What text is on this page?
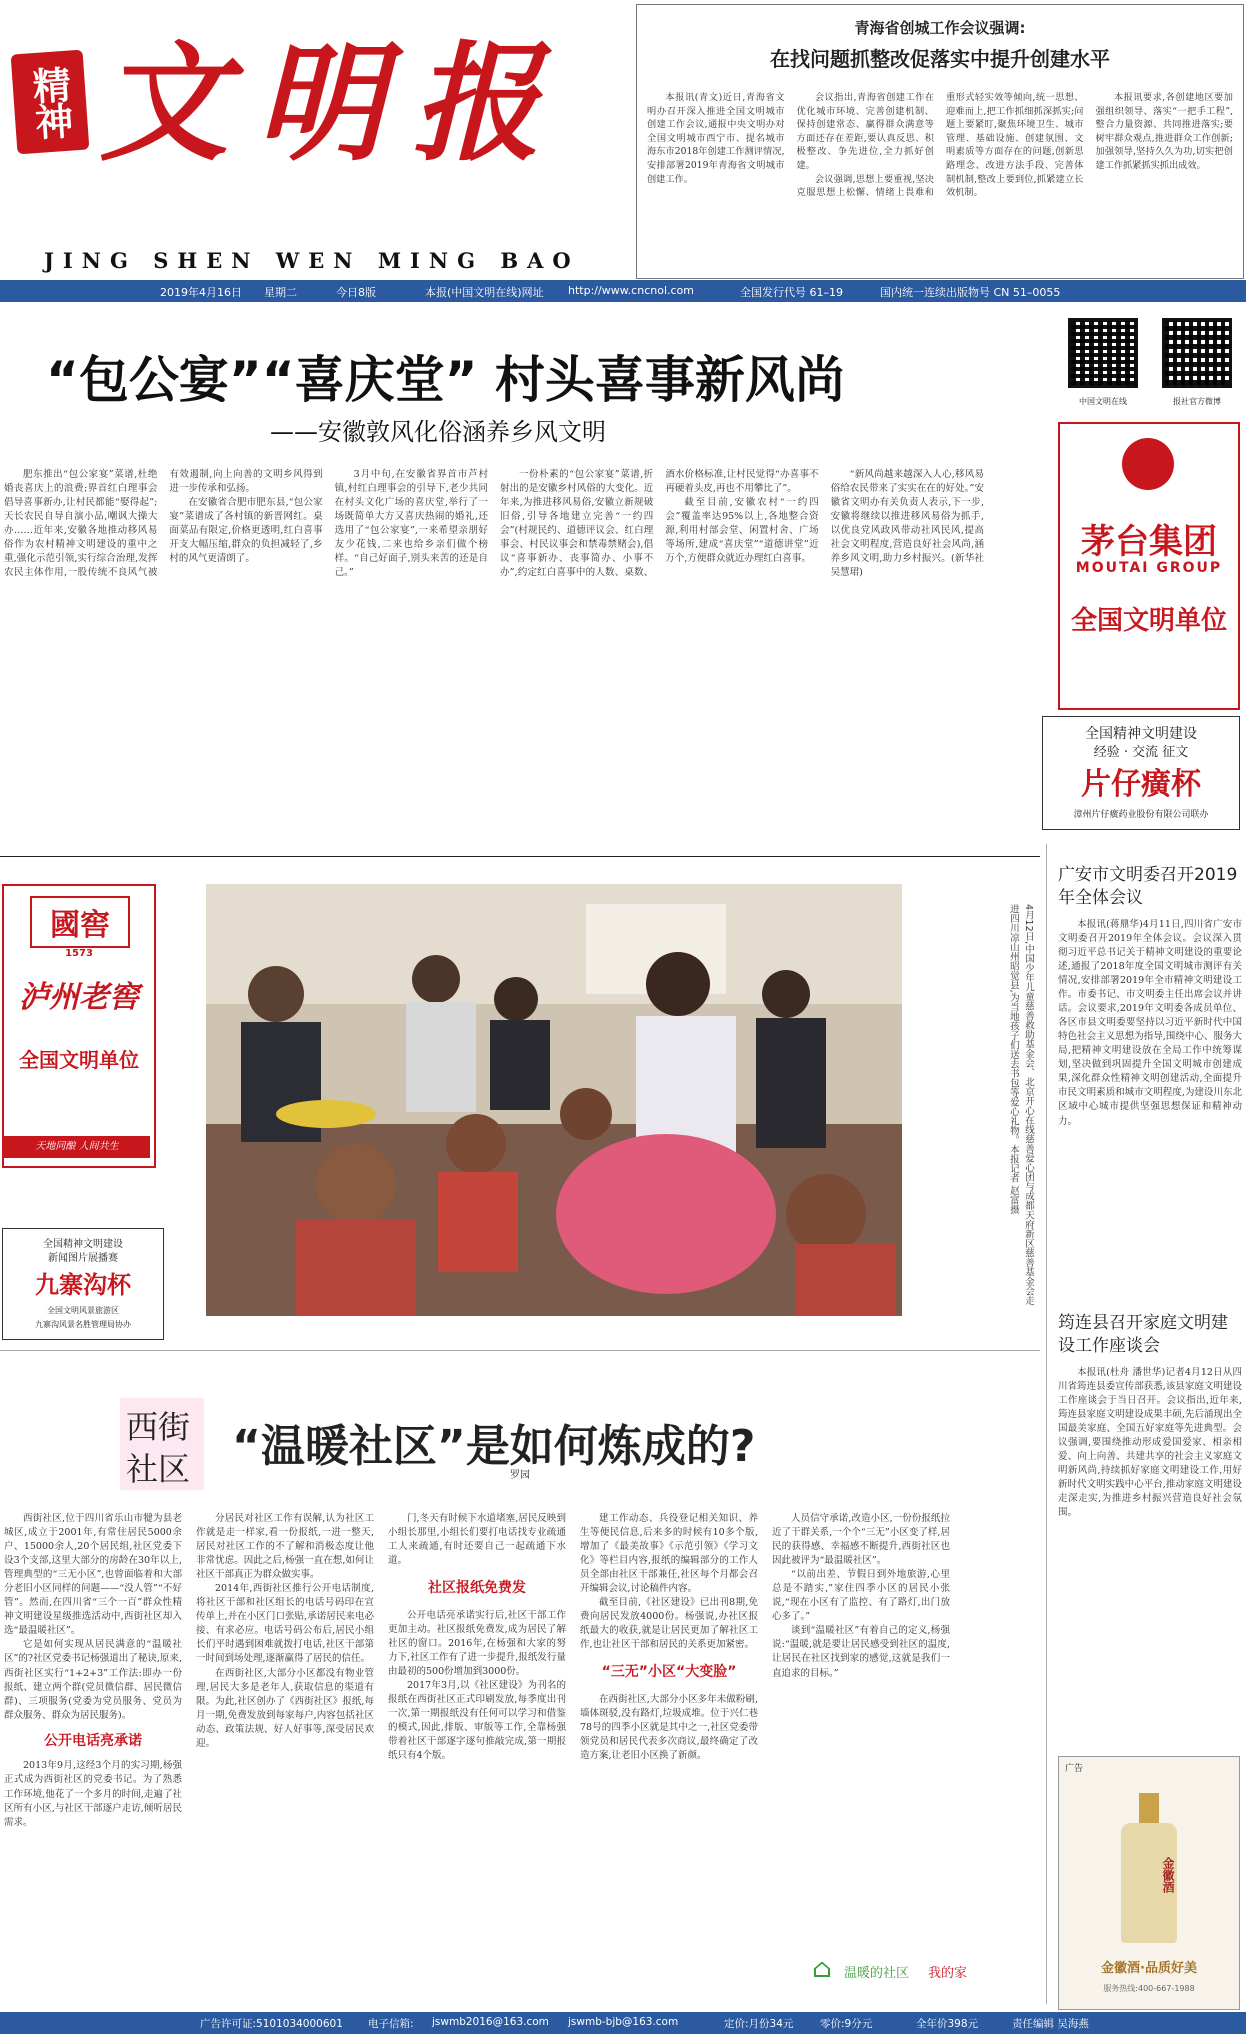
精神 文明报
JING SHEN WEN MING BAO
青海省创城工作会议强调:
在找问题抓整改促落实中提升创建水平

本报讯(青文)近日,青海省文明办召开深入推进全国文明城市创建工作会议,通报中央文明办对全国文明城市西宁市、提名城市海东市2018年创建工作测评情况,安排部署2019年青海省文明城市创建工作。

会议指出,青海省创建工作在优化城市环境、完善创建机制、保持创建常态、赢得群众满意等方面还存在差距,要认真反思、积极整改、争先进位,全力抓好创建。

会议强调,思想上要重视,坚决克服思想上松懈、情绪上畏难和重形式轻实效等倾向,统一思想、迎难而上,把工作抓细抓深抓实;问题上要紧盯,聚焦环境卫生、城市管理、基础设施、创建氛围、文明素质等方面存在的问题,创新思路理念、改进方法手段、完善体制机制,整改上要到位,抓紧建立长效机制。

本报讯要求,各创建地区要加强组织领导、落实“一把手工程”,整合力量资源、共同推进落实;要树牢群众观点,推进群众工作创新;加强领导,坚持久久为功,切实把创建工作抓紧抓实抓出成效。

2019年4月16日 星期二	今日8版	本报(中国文明在线)网址 http://www.cncnol.com	全国发行代号 61–19	国内统一连续出版物号 CN 51–0055
“包公宴”“喜庆堂” 村头喜事新风尚
——安徽敦风化俗涵养乡风文明

肥东推出“包公家宴”菜谱,杜绝婚丧喜庆上的浪费;界首红白理事会倡导喜事新办,让村民都能“娶得起”;天长农民自导自演小品,嘲讽大操大办……近年来,安徽各地推动移风易俗作为农村精神文明建设的重中之重,强化示范引领,实行综合治理,发挥农民主体作用,一股传统不良风气被有效遏制,向上向善的文明乡风得到进一步传承和弘扬。

在安徽省合肥市肥东县,“包公家宴”菜谱成了各村镇的新晋网红。桌面菜品有限定,价格更透明,红白喜事开支大幅压缩,群众的负担减轻了,乡村的风气更清朗了。

3月中旬,在安徽省界首市芦村镇,村红白理事会的引导下,老少共同在村头文化广场的喜庆堂,举行了一场既简单大方又喜庆热闹的婚礼,还选用了“包公家宴”,一来希望亲朋好友少花钱,二来也给乡亲们做个榜样。“自己好面子,别头来苦的还是自己。”

一份朴素的“包公家宴”菜谱,折射出的是安徽乡村风俗的大变化。近年来,为推进移风易俗,安徽立新规破旧俗,引导各地建立完善“一约四会”(村规民约、道德评议会、红白理事会、村民议事会和禁毒禁赌会),倡议“喜事新办、丧事简办、小事不办”,约定红白喜事中的人数、桌数、酒水价格标准,让村民觉得“办喜事不再硬着头皮,再也不用攀比了”。

截至目前,安徽农村“一约四会”覆盖率达95%以上,各地整合资源,利用村部会堂、闲置村舍、广场等场所,建成“喜庆堂”“道德讲堂”近万个,方便群众就近办理红白喜事。

“新风尚越来越深入人心,移风易俗给农民带来了实实在在的好处。”安徽省文明办有关负责人表示,下一步,安徽将继续以推进移风易俗为抓手,以优良党风政风带动社风民风,提高社会文明程度,营造良好社会风尚,涵养乡风文明,助力乡村振兴。(新华社 吴慧珺)

中国文明在线	报社官方微博
MOUTAI
茅台集团
MOUTAI GROUP
全国文明单位
全国精神文明建设
经验 · 交流 征文
片仔癀杯
漳州片仔癀药业股份有限公司联办
國窖
1573
泸州老窖
全国文明单位
天地同酿 人间共生
全国精神文明建设
新闻图片展播赛
九寨沟杯
全国文明风景旅游区
九寨沟风景名胜管理局协办
4月12日,中国少年儿童慈善救助基金会、北京开心在线慈善爱心团与成都天府新区慈善基金会走进四川凉山州昭觉县,为当地孩子们送去书包等爱心礼物。本报记者 赵富摄
广安市文明委召开2019年全体会议
本报讯(蒋鼎华)4月11日,四川省广安市文明委召开2019年全体会议。会议深入贯彻习近平总书记关于精神文明建设的重要论述,通报了2018年度全国文明城市测评有关情况,安排部署2019年全市精神文明建设工作。市委书记、市文明委主任出席会议并讲话。会议要求,2019年文明委各成员单位、各区市县文明委要坚持以习近平新时代中国特色社会主义思想为指导,围绕中心、服务大局,把精神文明建设放在全局工作中统筹谋划,坚决做到巩固提升全国文明城市创建成果,深化群众性精神文明创建活动,全面提升市民文明素质和城市文明程度,为建设川东北区域中心城市提供坚强思想保证和精神动力。
筠连县召开家庭文明建设工作座谈会
本报讯(杜舟 潘世华)记者4月12日从四川省筠连县委宣传部获悉,该县家庭文明建设工作座谈会于当日召开。会议指出,近年来,筠连县家庭文明建设成果丰硕,先后涌现出全国最美家庭、全国五好家庭等先进典型。会议强调,要围绕推动形成爱国爱家、相亲相爱、向上向善、共建共享的社会主义家庭文明新风尚,持续抓好家庭文明建设工作,用好新时代文明实践中心平台,推动家庭文明建设走深走实,为推进乡村振兴营造良好社会氛围。
广告
金徽酒
金徽酒·品质好美
服务热线:400-667-1988
西街
社区 “温暖社区”是如何炼成的?
罗园

西街社区,位于四川省乐山市犍为县老城区,成立于2001年,有常住居民5000余户、15000余人,20个居民组,社区党委下设3个支部,这里大部分的房龄在30年以上,管理典型的“三无小区”,也曾面临着和大部分老旧小区同样的问题——“没人管”“不好管”。然而,在四川省“三个一百”群众性精神文明建设星级推选活动中,西街社区却入选“最温暖社区”。

它是如何实现从居民满意的“温暖社区”的?社区党委书记杨强道出了秘诀,原来,西街社区实行“1+2+3”工作法:即办一份报纸、建立两个群(党员微信群、居民微信群)、三项服务(党委为党员服务、党员为群众服务、群众为居民服务)。

公开电话亮承诺

2013年9月,这经3个月的实习期,杨强正式成为西街社区的党委书记。为了熟悉工作环境,他花了一个多月的时间,走遍了社区所有小区,与社区干部逐户走访,倾听居民需求。

分居民对社区工作有误解,认为社区工作就是走一样家,看一份报纸,一进一整天,居民对社区工作的不了解和消极态度让他非常忧虑。因此之后,杨强一直在想,如何让社区干部真正为群众做实事。

2014年,西街社区推行公开电话制度,将社区干部和社区组长的电话号码印在宣传单上,并在小区门口张贴,承诺居民来电必接、有求必应。电话号码公布后,居民小组长们平时遇到困难就拨打电话,社区干部第一时间到场处理,逐渐赢得了居民的信任。

在西街社区,大部分小区都没有物业管理,居民大多是老年人,获取信息的渠道有限。为此,社区创办了《西街社区》报纸,每月一期,免费发放到每家每户,内容包括社区动态、政策法规、好人好事等,深受居民欢迎。

门,冬天有时候下水道堵塞,居民反映到小组长那里,小组长们要打电话找专业疏通工人来疏通,有时还要自己一起疏通下水道。

社区报纸免费发

公开电话亮承诺实行后,社区干部工作更加主动。社区报纸免费发,成为居民了解社区的窗口。2016年,在杨强和大家的努力下,社区工作有了进一步提升,报纸发行量由最初的500份增加到3000份。

2017年3月,以《社区建设》为刊名的报纸在西街社区正式印刷发放,每季度出刊一次,第一期报纸没有任何可以学习和借鉴的模式,因此,排版、审版等工作,全靠杨强带着社区干部逐字逐句推敲完成,第一期报纸只有4个版。

建工作动态、兵役登记相关知识、养生等便民信息,后来多的时候有10多个版,增加了《最美故事》《示范引领》《学习文化》等栏目内容,报纸的编辑部分的工作人员全部由社区干部兼任,社区每个月都会召开编辑会议,讨论稿件内容。

截至目前,《社区建设》已出刊8期,免费向居民发放4000份。杨强说,办社区报纸最大的收获,就是让居民更加了解社区工作,也让社区干部和居民的关系更加紧密。

“三无”小区“大变脸”

在西街社区,大部分小区多年未做粉刷,墙体斑驳,没有路灯,垃圾成堆。位于兴仁巷78号的四季小区就是其中之一,社区党委带领党员和居民代表多次商议,最终确定了改造方案,让老旧小区换了新颜。

人员信守承诺,改造小区,一份份报纸拉近了干群关系,一个个“三无”小区变了样,居民的获得感、幸福感不断提升,西街社区也因此被评为“最温暖社区”。

“以前出差、节假日到外地旅游,心里总是不踏实,”家住四季小区的居民小张说,“现在小区有了监控、有了路灯,出门放心多了。”

谈到“温暖社区”有着自己的定义,杨强说:“温暖,就是要让居民感受到社区的温度,让居民在社区找到家的感觉,这就是我们一直追求的目标。”

⌂ 温暖的社区 我的家
广告许可证:5101034000601 电子信箱: jswmb2016@163.com jswmb-bjb@163.com	定价:月份34元	零价:9分元	全年价398元	责任编辑 吴海燕
